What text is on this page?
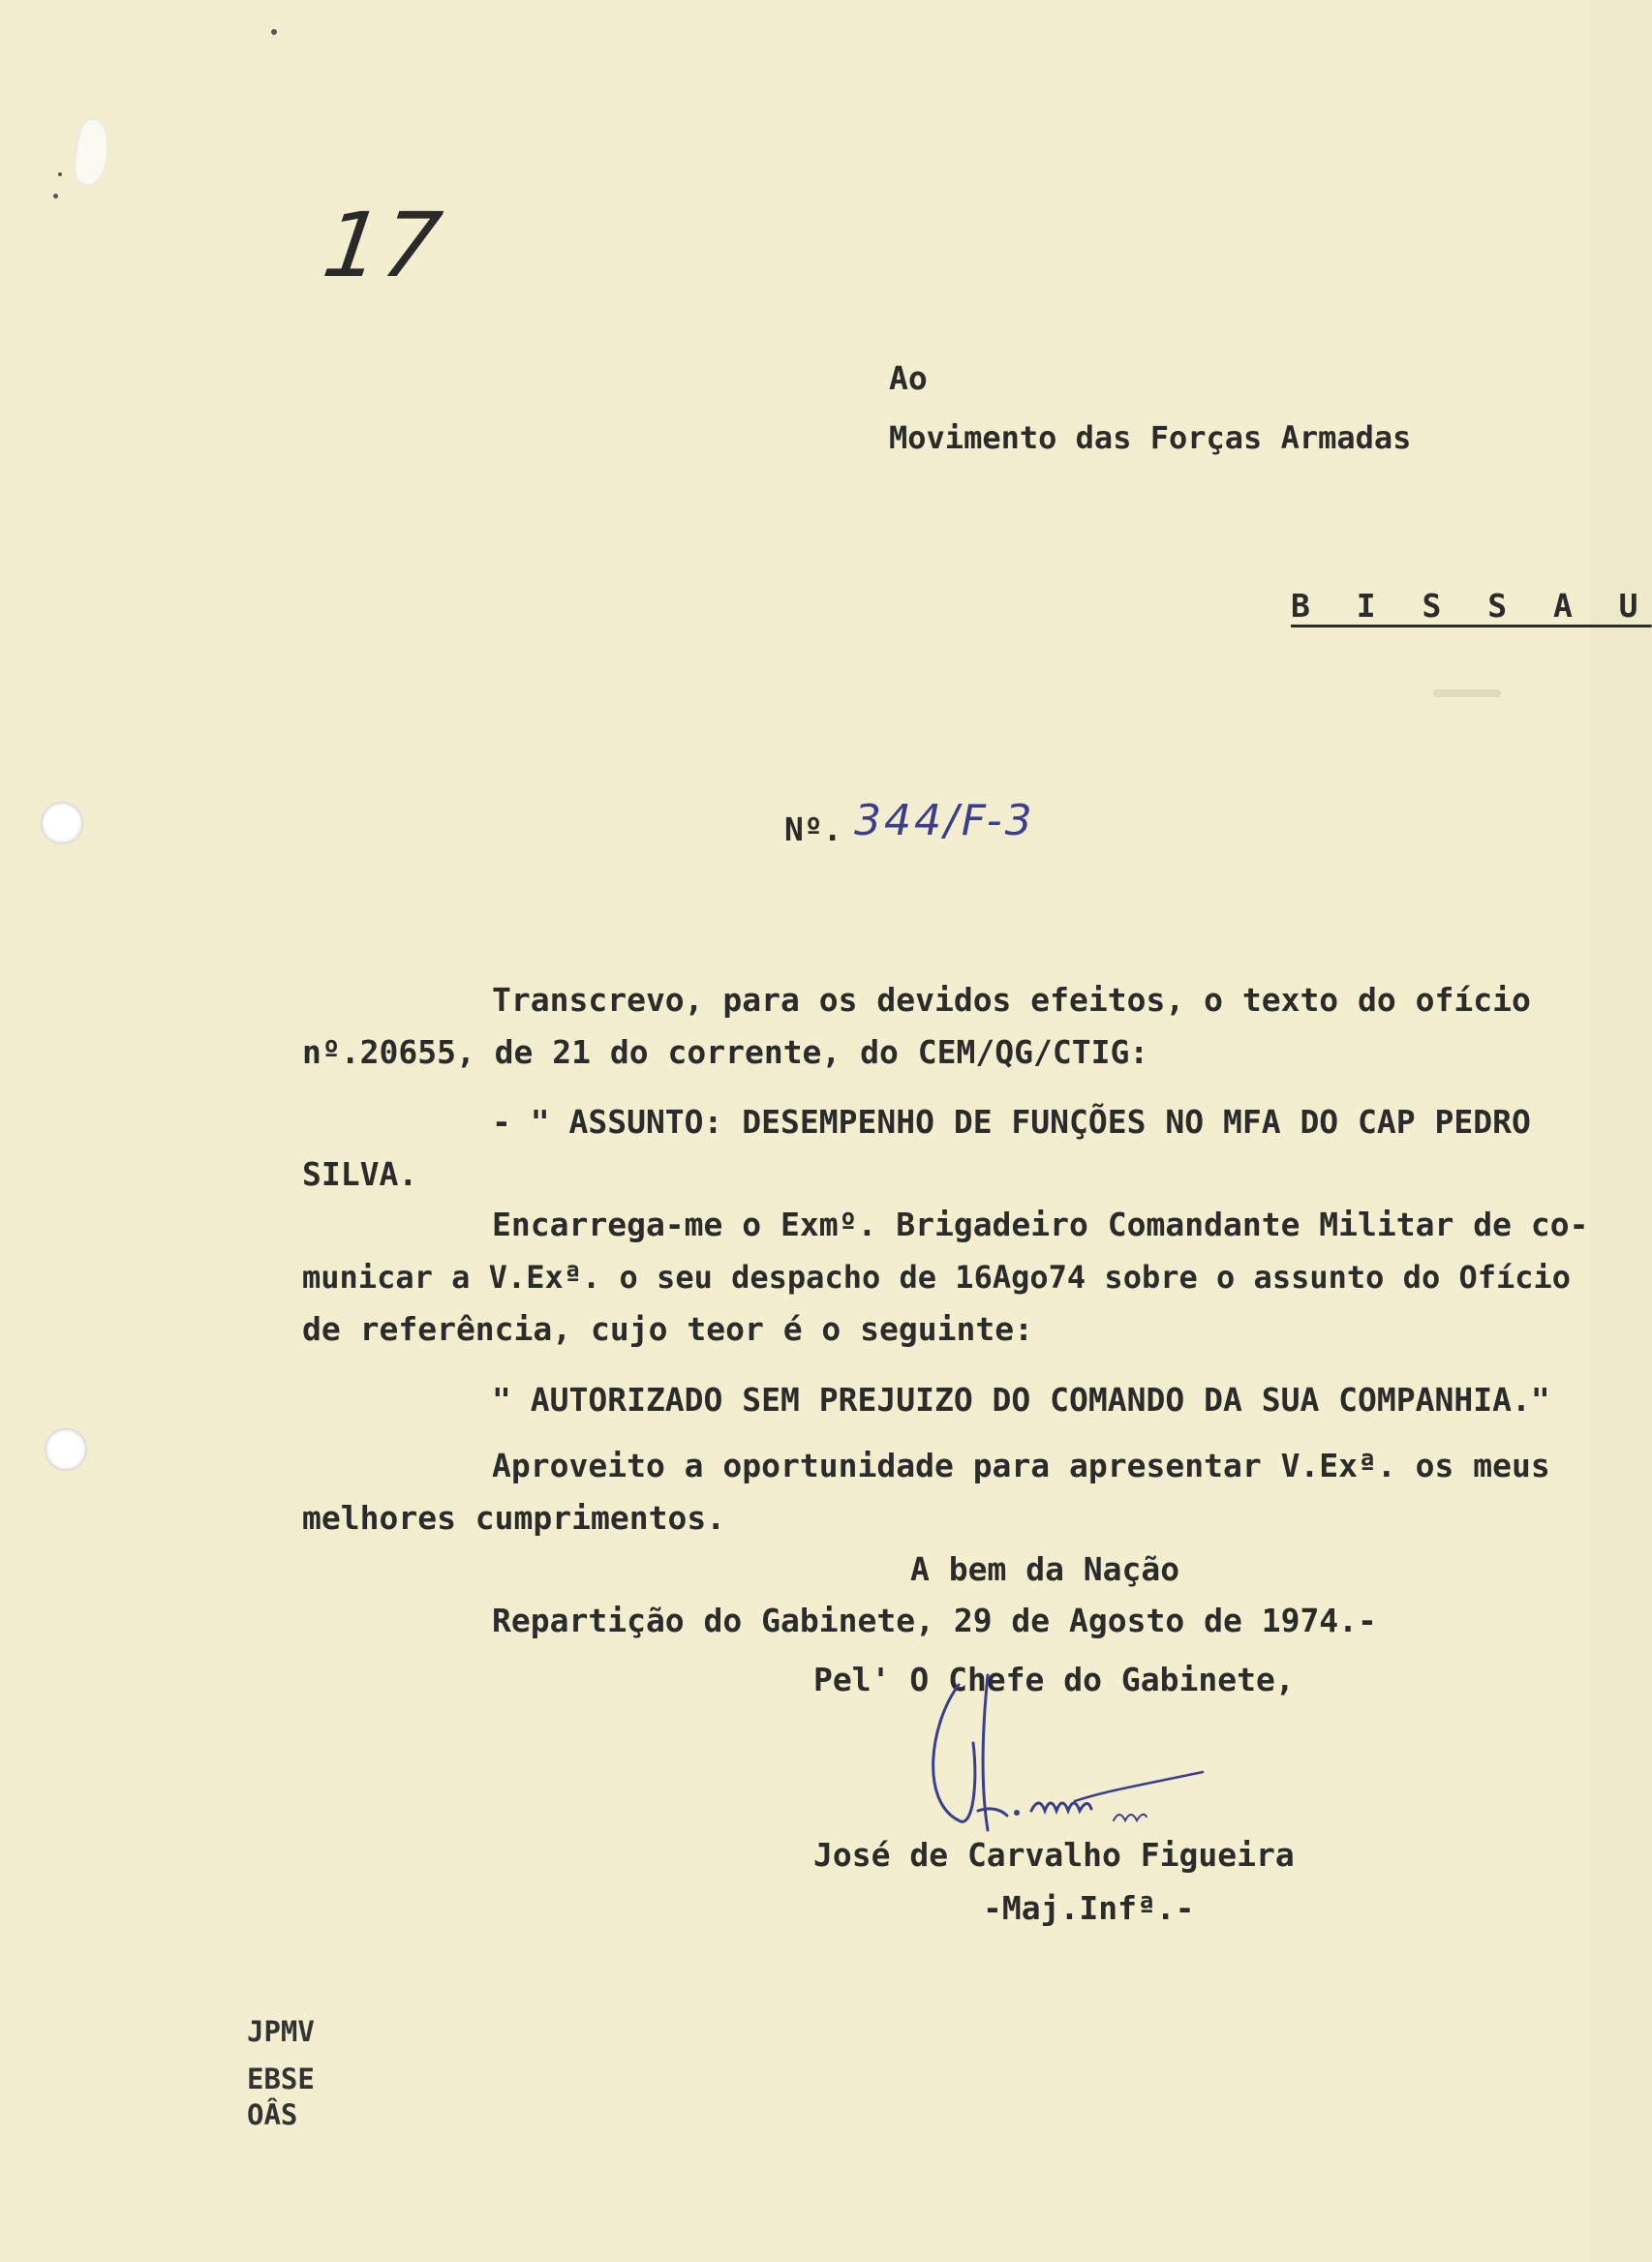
17
Ao
Movimento das Forças Armadas
B I S S A U
Nº. 344/F-3
Transcrevo, para os devidos efeitos, o texto do ofício
nº.20655, de 21 do corrente, do CEM/QG/CTIG:
- " ASSUNTO: DESEMPENHO DE FUNÇÕES NO MFA DO CAP PEDRO
SILVA.
Encarrega-me o Exmº. Brigadeiro Comandante Militar de co-
municar a V.Exª. o seu despacho de 16Ago74 sobre o assunto do Ofício
de referência, cujo teor é o seguinte:
" AUTORIZADO SEM PREJUIZO DO COMANDO DA SUA COMPANHIA."
Aproveito a oportunidade para apresentar V.Exª. os meus
melhores cumprimentos.
A bem da Nação
Repartição do Gabinete, 29 de Agosto de 1974.-
Pel' O Chefe do Gabinete,
José de Carvalho Figueira
-Maj.Infª.-
JPMV
EBSE
OÂS
